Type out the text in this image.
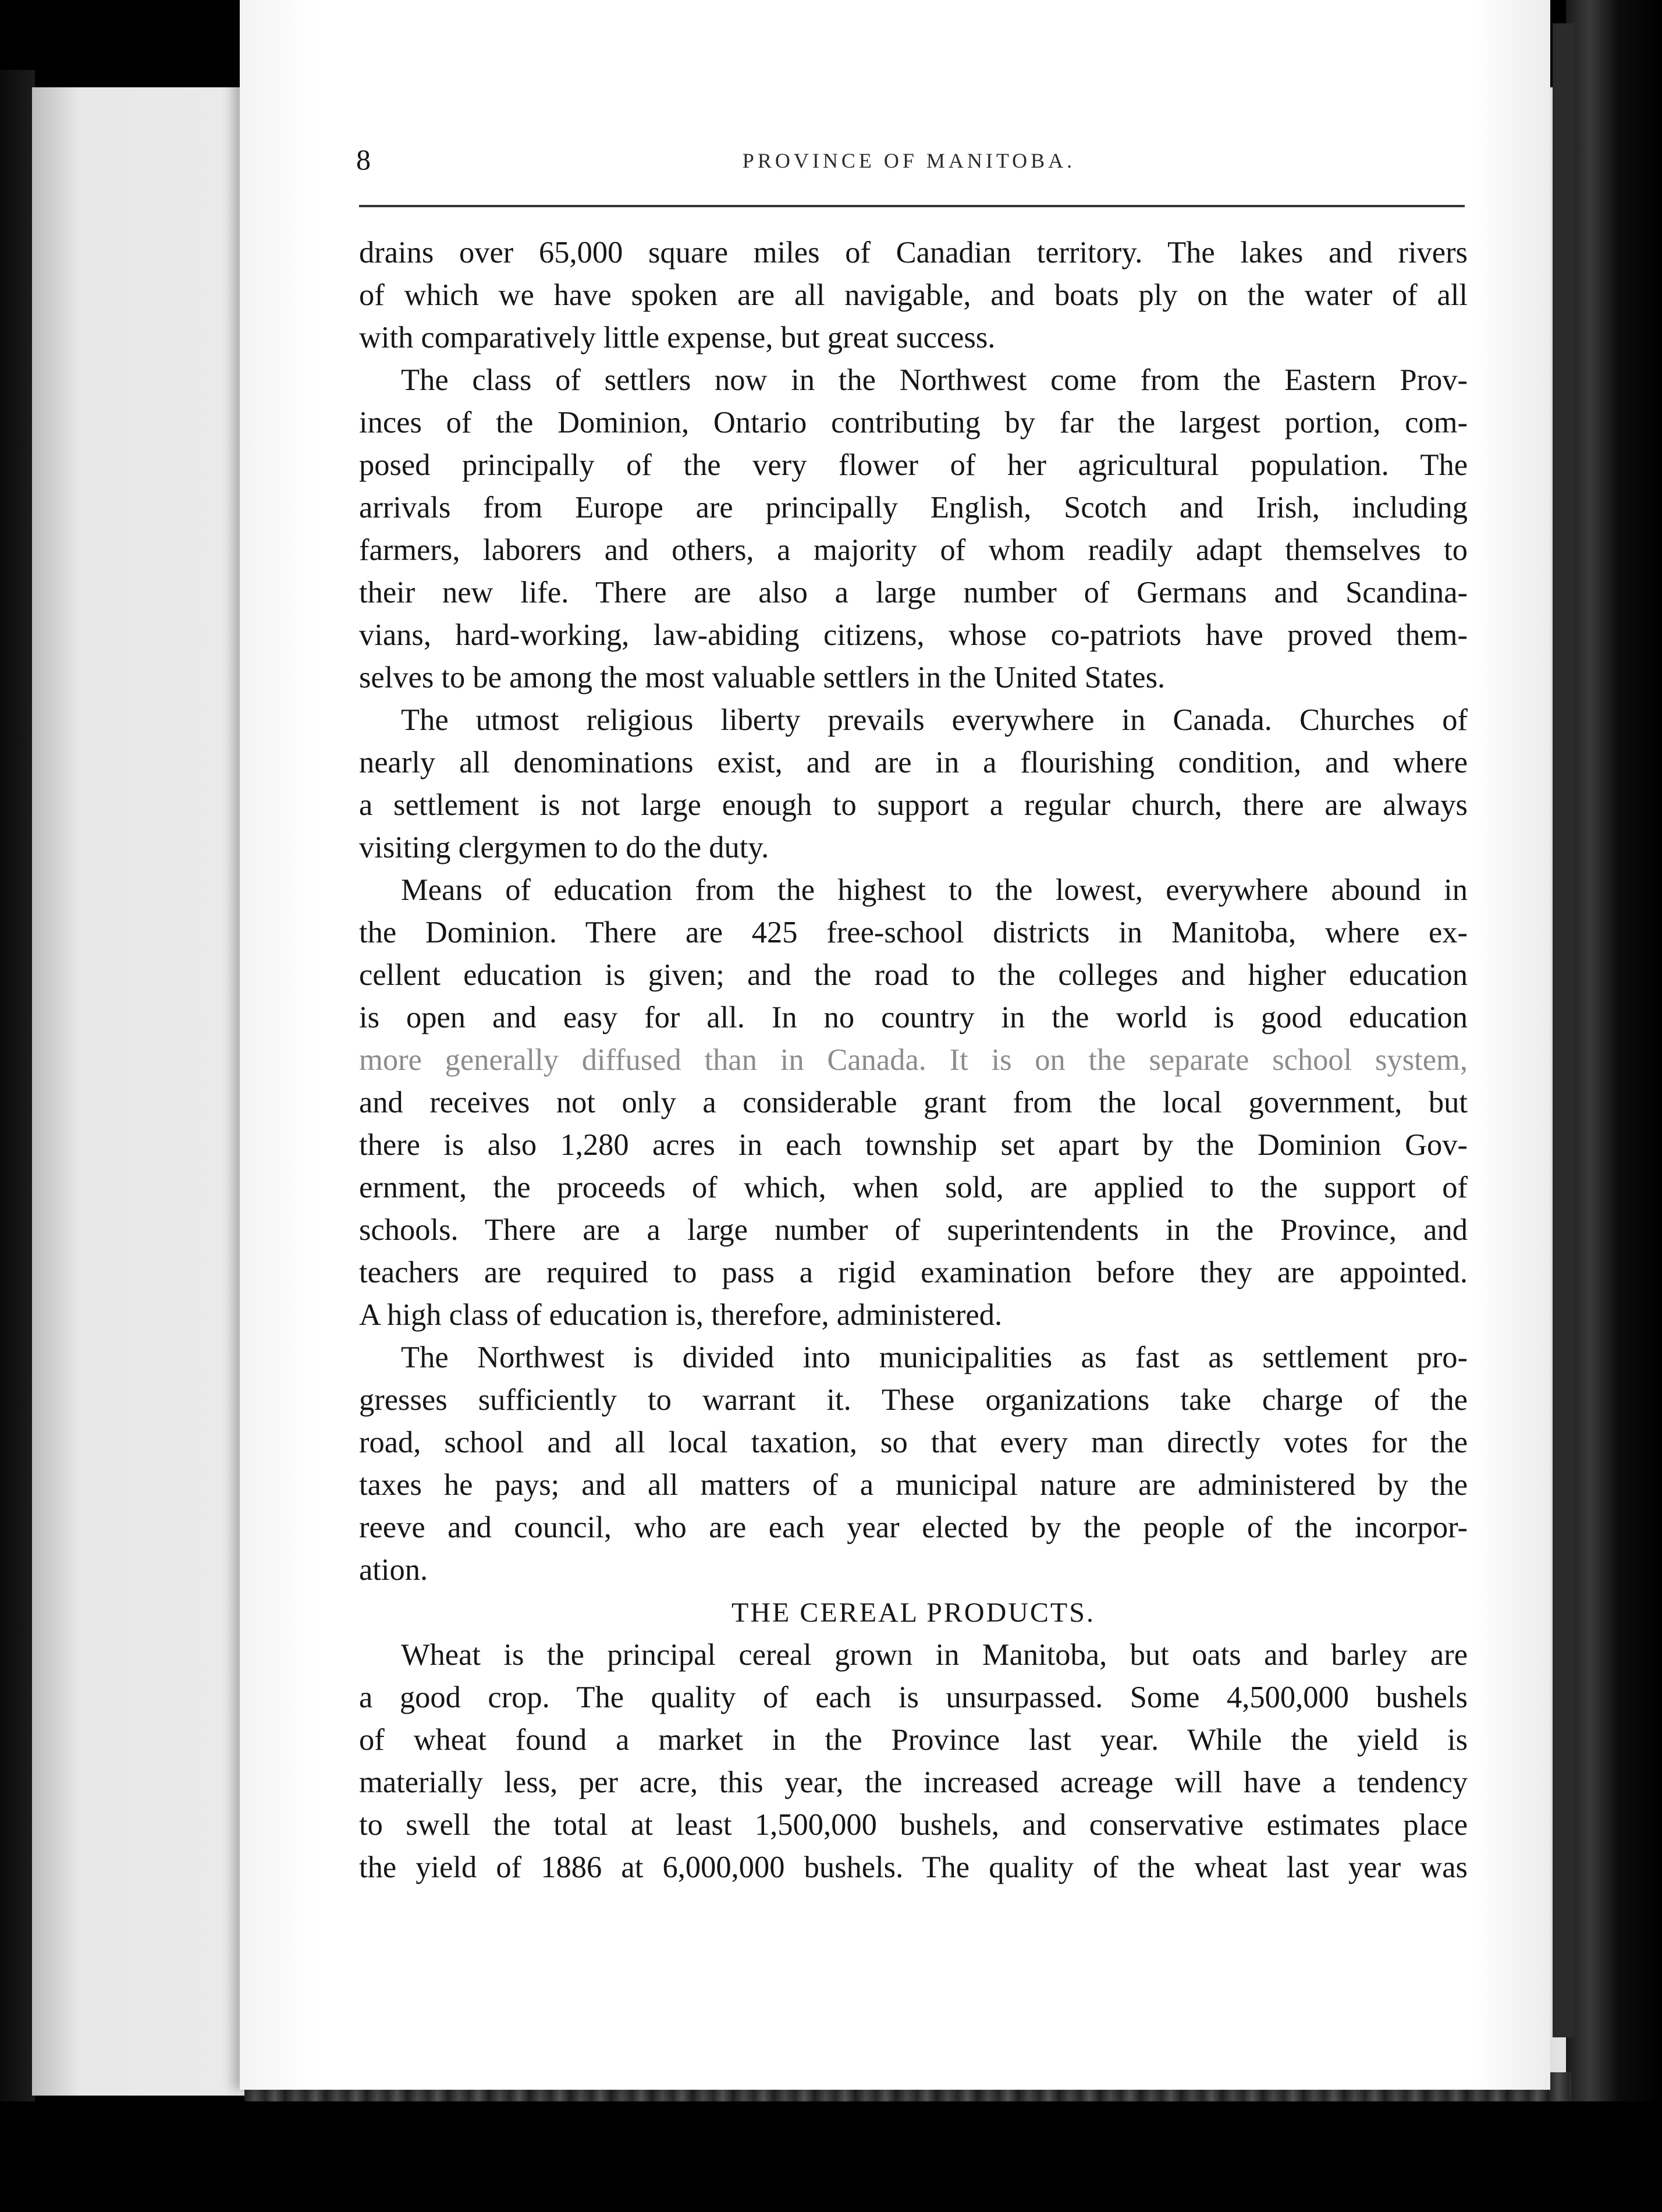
8	PROVINCE OF MANITOBA.
drains over 65,000 square miles of Canadian territory. The lakes and rivers
of which we have spoken are all navigable, and boats ply on the water of all
with comparatively little expense, but great success.
The class of settlers now in the Northwest come from the Eastern Prov-
inces of the Dominion, Ontario contributing by far the largest portion, com-
posed principally of the very flower of her agricultural population. The
arrivals from Europe are principally English, Scotch and Irish, including
farmers, laborers and others, a majority of whom readily adapt themselves to
their new life. There are also a large number of Germans and Scandina-
vians, hard-working, law-abiding citizens, whose co-patriots have proved them-
selves to be among the most valuable settlers in the United States.
The utmost religious liberty prevails everywhere in Canada. Churches of
nearly all denominations exist, and are in a flourishing condition, and where
a settlement is not large enough to support a regular church, there are always
visiting clergymen to do the duty.
Means of education from the highest to the lowest, everywhere abound in
the Dominion. There are 425 free-school districts in Manitoba, where ex-
cellent education is given; and the road to the colleges and higher education
is open and easy for all. In no country in the world is good education
more generally diffused than in Canada. It is on the separate school system,
and receives not only a considerable grant from the local government, but
there is also 1,280 acres in each township set apart by the Dominion Gov-
ernment, the proceeds of which, when sold, are applied to the support of
schools. There are a large number of superintendents in the Province, and
teachers are required to pass a rigid examination before they are appointed.
A high class of education is, therefore, administered.
The Northwest is divided into municipalities as fast as settlement pro-
gresses sufficiently to warrant it. These organizations take charge of the
road, school and all local taxation, so that every man directly votes for the
taxes he pays; and all matters of a municipal nature are administered by the
reeve and council, who are each year elected by the people of the incorpor-
ation.
THE CEREAL PRODUCTS.
Wheat is the principal cereal grown in Manitoba, but oats and barley are
a good crop. The quality of each is unsurpassed. Some 4,500,000 bushels
of wheat found a market in the Province last year. While the yield is
materially less, per acre, this year, the increased acreage will have a tendency
to swell the total at least 1,500,000 bushels, and conservative estimates place
the yield of 1886 at 6,000,000 bushels. The quality of the wheat last year was
